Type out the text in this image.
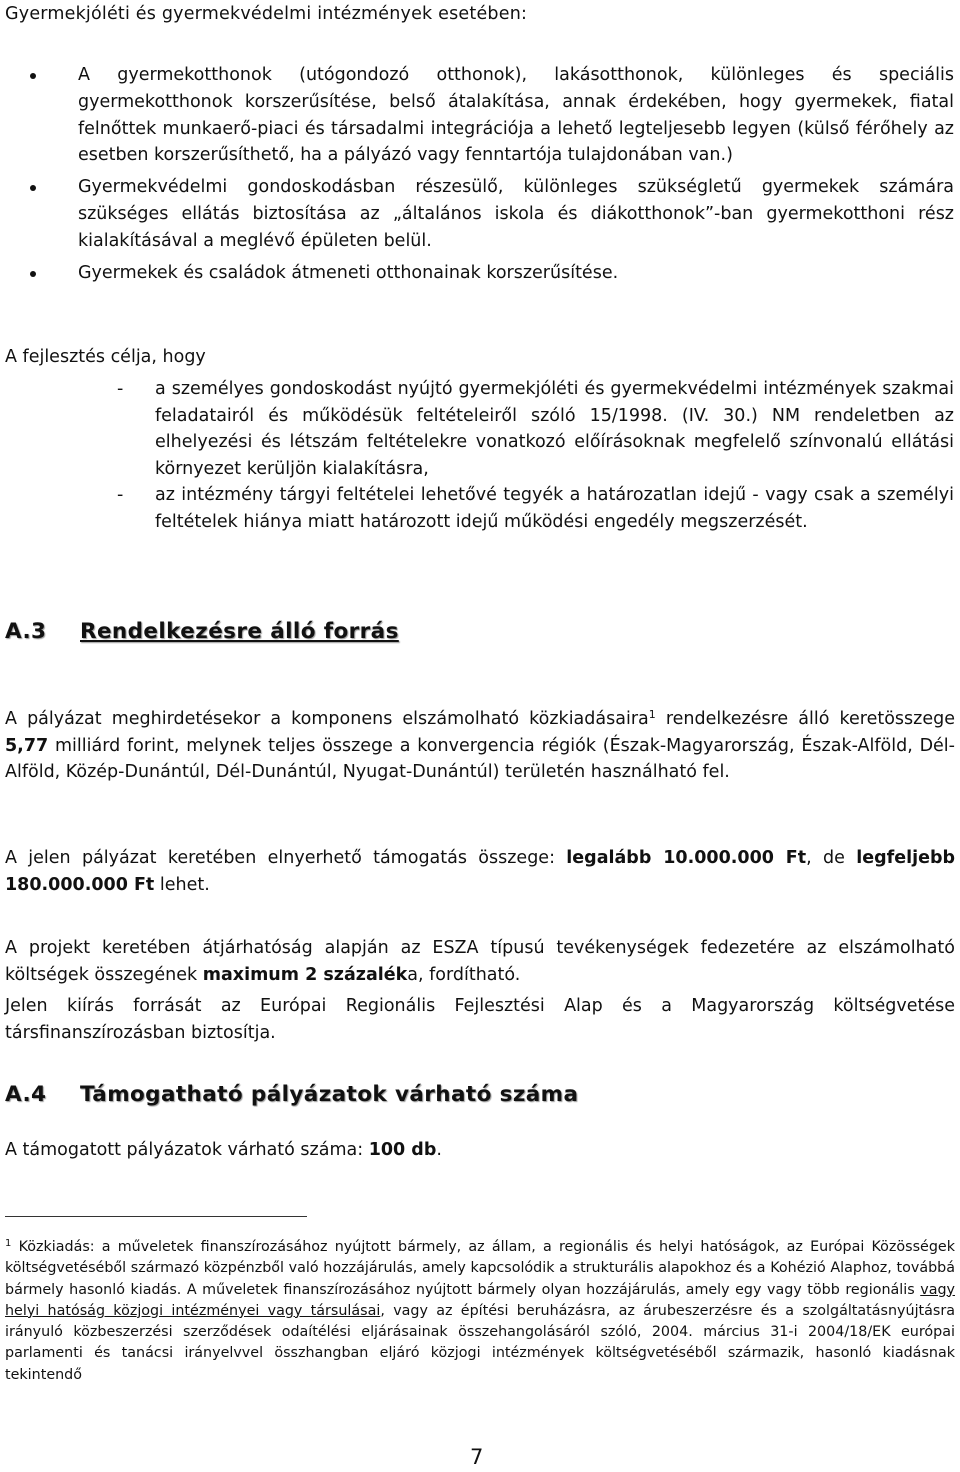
Gyermekjóléti és gyermekvédelmi intézmények esetében:
A gyermekotthonok (utógondozó otthonok), lakásotthonok, különleges és speciális gyermekotthonok korszerűsítése, belső átalakítása, annak érdekében, hogy gyermekek, fiatal felnőttek munkaerő-piaci és társadalmi integrációja a lehető legteljesebb legyen (külső férőhely az esetben korszerűsíthető, ha a pályázó vagy fenntartója tulajdonában van.)
Gyermekvédelmi gondoskodásban részesülő, különleges szükségletű gyermekek számára szükséges ellátás biztosítása az „általános iskola és diákotthonok”-ban gyermekotthoni rész kialakításával a meglévő épületen belül.
Gyermekek és családok átmeneti otthonainak korszerűsítése.
A fejlesztés célja, hogy
- a személyes gondoskodást nyújtó gyermekjóléti és gyermekvédelmi intézmények szakmai feladatairól és működésük feltételeiről szóló 15/1998. (IV. 30.) NM rendeletben az elhelyezési és létszám feltételekre vonatkozó előírásoknak megfelelő színvonalú ellátási környezet kerüljön kialakításra,
- az intézmény tárgyi feltételei lehetővé tegyék a határozatlan idejű - vagy csak a személyi feltételek hiánya miatt határozott idejű működési engedély megszerzését.
A.3 Rendelkezésre álló forrás
A pályázat meghirdetésekor a komponens elszámolható közkiadásaira$^1$ rendelkezésre álló keretösszege 5,77 milliárd forint, melynek teljes összege a konvergencia régiók (Észak-Magyarország, Észak-Alföld, Dél-Alföld, Közép-Dunántúl, Dél-Dunántúl, Nyugat-Dunántúl) területén használható fel.
A jelen pályázat keretében elnyerhető támogatás összege: legalább 10.000.000 Ft, de legfeljebb 180.000.000 Ft lehet.
A projekt keretében átjárhatóság alapján az ESZA típusú tevékenységek fedezetére az elszámolható költségek összegének maximum 2 százaléka, fordítható.
Jelen kiírás forrását az Európai Regionális Fejlesztési Alap és a Magyarország költségvetése társfinanszírozásban biztosítja.
A.4 Támogatható pályázatok várható száma
A támogatott pályázatok várható száma: 100 db.
$^1$ Közkiadás: a műveletek finanszírozásához nyújtott bármely, az állam, a regionális és helyi hatóságok, az Európai Közösségek költségvetéséből származó közpénzből való hozzájárulás, amely kapcsolódik a strukturális alapokhoz és a Kohézió Alaphoz, továbbá bármely hasonló kiadás. A műveletek finanszírozásához nyújtott bármely olyan hozzájárulás, amely egy vagy több regionális vagy helyi hatóság közjogi intézményei vagy társulásai, vagy az építési beruházásra, az árubeszerzésre és a szolgáltatásnyújtásra irányuló közbeszerzési szerződések odaítélési eljárásainak összehangolásáról szóló, 2004. március 31-i 2004/18/EK európai parlamenti és tanácsi irányelvvel összhangban eljáró közjogi intézmények költségvetéséből származik, hasonló kiadásnak tekintendő
7
